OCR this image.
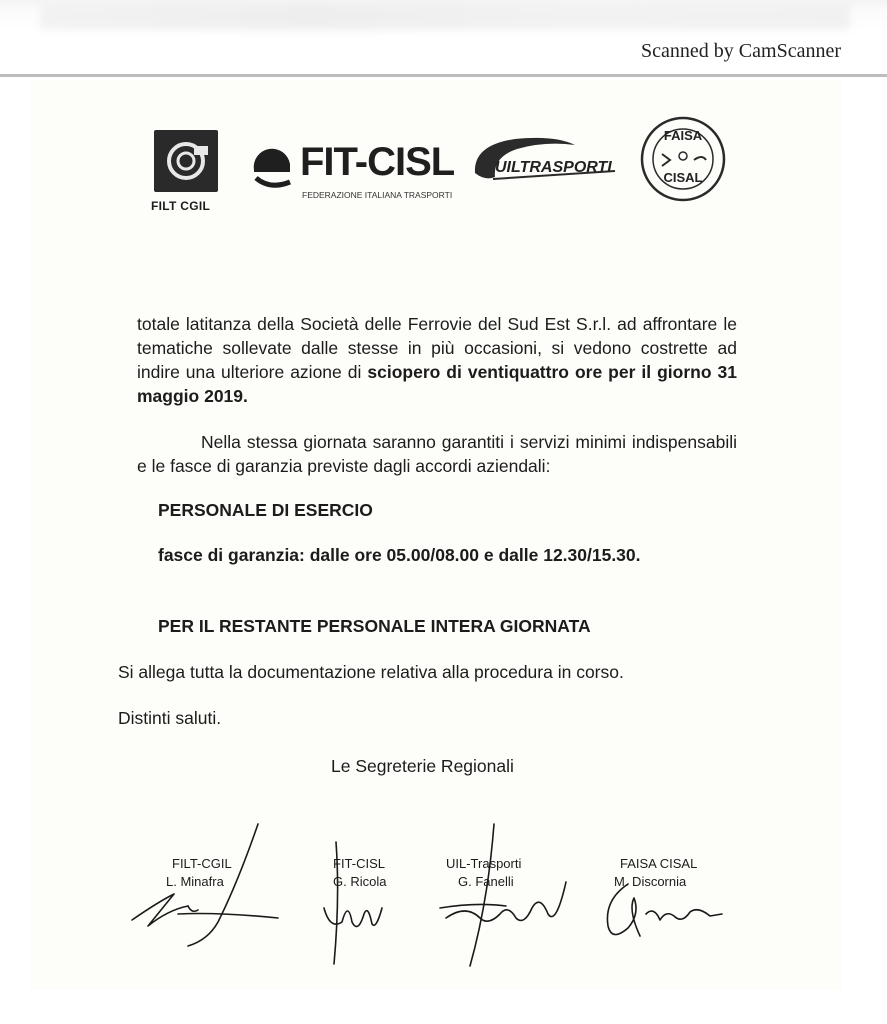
Scanned by CamScanner
FILT CGIL
FIT-CISL
FEDERAZIONE ITALIANA TRASPORTI
UILTRASPORTI
FAISA
CISAL

totale latitanza della Società delle Ferrovie del Sud Est S.r.l. ad affrontare le tematiche sollevate dalle stesse in più occasioni, si vedono costrette ad indire una ulteriore azione di sciopero di ventiquattro ore per il giorno 31 maggio 2019.

Nella stessa giornata saranno garantiti i servizi minimi indispensabili e le fasce di garanzia previste dagli accordi aziendali:

PERSONALE DI ESERCIO
fasce di garanzia: dalle ore 05.00/08.00 e dalle 12.30/15.30.
PER IL RESTANTE PERSONALE INTERA GIORNATA
Si allega tutta la documentazione relativa alla procedura in corso.
Distinti saluti.
Le Segreterie Regionali
FILT-CGIL
L. Minafra
FIT-CISL
G. Ricola
UIL-Trasporti
G. Fanelli
FAISA CISAL
M. Discornia
